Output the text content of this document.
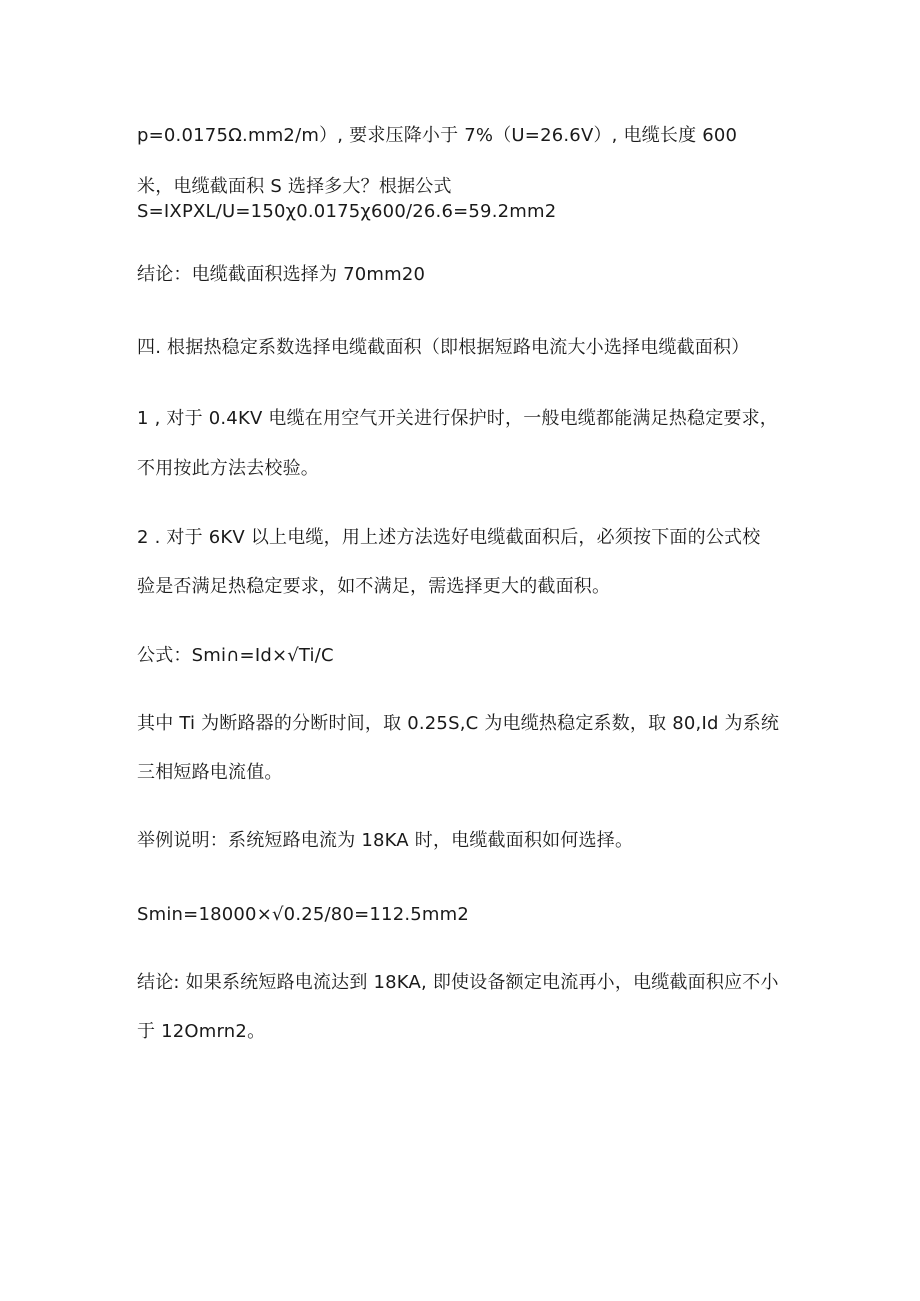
p=0.0175Ω.mm2/m）, 要求压降小于 7%（U=26.6V）, 电缆长度 600
米，电缆截面积 S 选择多大？根据公式
S=IXPXL/U=150χ0.0175χ600/26.6=59.2mm2
结论：电缆截面积选择为 70mm20
四. 根据热稳定系数选择电缆截面积（即根据短路电流大小选择电缆截面积）
1 , 对于 0.4KV 电缆在用空气开关进行保护时，一般电缆都能满足热稳定要求，
不用按此方法去校验。
2 . 对于 6KV 以上电缆，用上述方法选好电缆截面积后，必须按下面的公式校
验是否满足热稳定要求，如不满足，需选择更大的截面积。
公式：Smi∩=Id×√Ti/C
其中 Ti 为断路器的分断时间，取 0.25S,C 为电缆热稳定系数，取 80,Id 为系统
三相短路电流值。
举例说明：系统短路电流为 18KA 时，电缆截面积如何选择。
Smin=18000×√0.25/80=112.5mm2
结论: 如果系统短路电流达到 18KA, 即使设备额定电流再小，电缆截面积应不小
于 12Omrn2。
